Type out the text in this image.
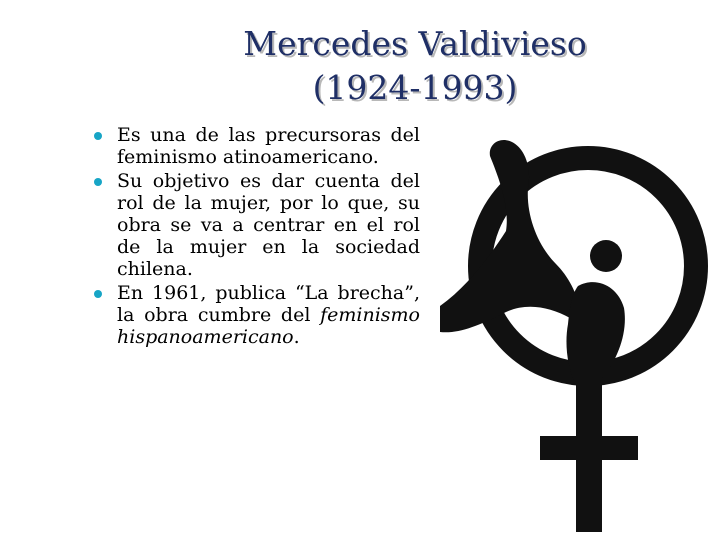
Mercedes Valdivieso
(1924-1993)
Es una de las precursoras del feminismo atinoamericano.
Su objetivo es dar cuenta del rol de la mujer, por lo que, su obra se va a centrar en el rol de la mujer en la sociedad chilena.
En 1961, publica “La brecha”, la obra cumbre del feminismo hispanoamericano.
